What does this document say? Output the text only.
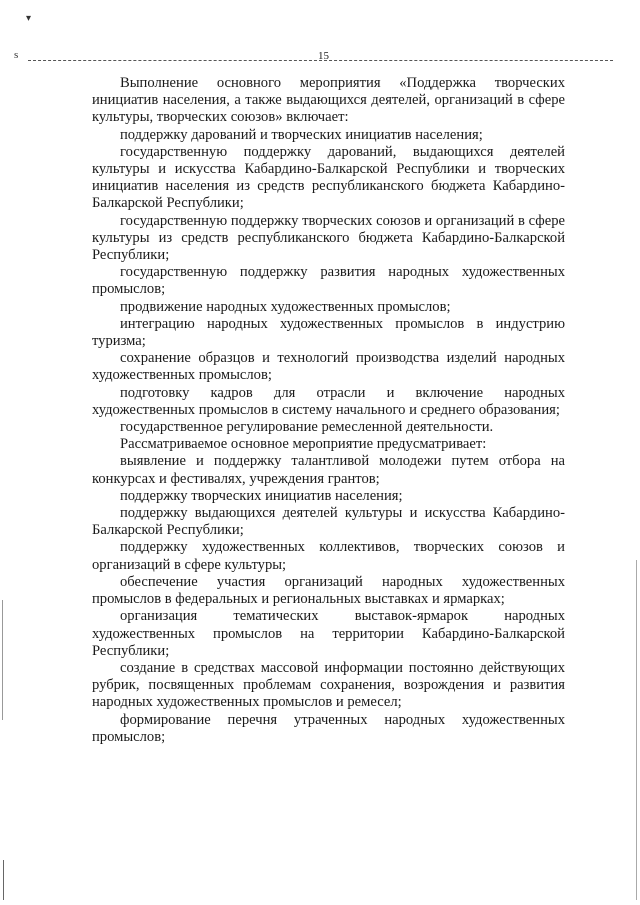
▾
s	15

Выполнение основного мероприятия «Поддержка творческих инициатив населения, а также выдающихся деятелей, организаций в сфере культуры, творческих союзов» включает:

поддержку дарований и творческих инициатив населения;

государственную поддержку дарований, выдающихся деятелей культуры и искусства Кабардино-Балкарской Республики и творческих инициатив населения из средств республиканского бюджета Кабардино-Балкарской Республики;

государственную поддержку творческих союзов и организаций в сфере культуры из средств республиканского бюджета Кабардино-Балкарской Республики;

государственную поддержку развития народных художественных промыслов;

продвижение народных художественных промыслов;

интеграцию народных художественных промыслов в индустрию туризма;

сохранение образцов и технологий производства изделий народных художественных промыслов;

подготовку кадров для отрасли и включение народных художественных промыслов в систему начального и среднего образования;

государственное регулирование ремесленной деятельности.

Рассматриваемое основное мероприятие предусматривает:

выявление и поддержку талантливой молодежи путем отбора на конкурсах и фестивалях, учреждения грантов;

поддержку творческих инициатив населения;

поддержку выдающихся деятелей культуры и искусства Кабардино-Балкарской Республики;

поддержку художественных коллективов, творческих союзов и организаций в сфере культуры;

обеспечение участия организаций народных художественных промыслов в федеральных и региональных выставках и ярмарках;

организация тематических выставок-ярмарок народных художественных промыслов на территории Кабардино-Балкарской Республики;

создание в средствах массовой информации постоянно действующих рубрик, посвященных проблемам сохранения, возрождения и развития народных художественных промыслов и ремесел;

формирование перечня утраченных народных художественных промыслов;
